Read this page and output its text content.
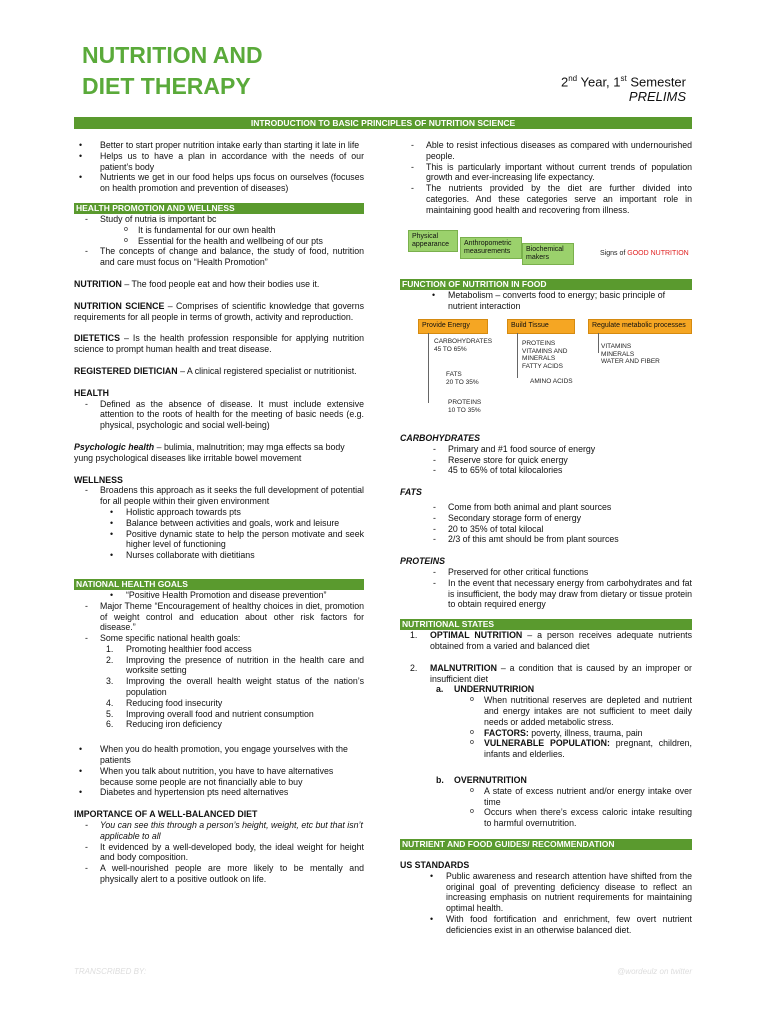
NUTRITION AND
DIET THERAPY	2nd Year, 1st Semester
PRELIMS
INTRODUCTION TO BASIC PRINCIPLES OF NUTRITION SCIENCE
• Better to start proper nutrition intake early than starting it late in life
• Helps us to have a plan in accordance with the needs of our patient’s body
• Nutrients we get in our food helps ups focus on ourselves (focuses on health promotion and prevention of diseases)
HEALTH PROMOTION AND WELLNESS
- Study of nutria is important bc
o It is fundamental for our own health
o Essential for the health and wellbeing of our pts
- The concepts of change and balance, the study of food, nutrition and care must focus on “Health Promotion”

NUTRITION – The food people eat and how their bodies use it.

NUTRITION SCIENCE – Comprises of scientific knowledge that governs requirements for all people in terms of growth, activity and reproduction.

DIETETICS – Is the health profession responsible for applying nutrition science to prompt human health and treat disease.

REGISTERED DIETICIAN – A clinical registered specialist or nutritionist.

HEALTH

- Defined as the absence of disease. It must include extensive attention to the roots of health for the meeting of basic needs (e.g. physical, psychologic and social well-being)

Psychologic health – bulimia, malnutrition; may mga effects sa body yung psychological diseases like irritable bowel movement

WELLNESS

- Broadens this approach as it seeks the full development of potential for all people within their given environment
• Holistic approach towards pts
• Balance between activities and goals, work and leisure
• Positive dynamic state to help the person motivate and seek higher level of functioning
• Nurses collaborate with dietitians
NATIONAL HEALTH GOALS
• “Positive Health Promotion and disease prevention”
- Major Theme “Encouragement of healthy choices in diet, promotion of weight control and education about other risk factors for disease.”
- Some specific national health goals:
1. Promoting healthier food access
2. Improving the presence of nutrition in the health care and worksite setting
3. Improving the overall health weight status of the nation’s population
4. Reducing food insecurity
5. Improving overall food and nutrient consumption
6. Reducing iron deficiency
• When you do health promotion, you engage yourselves with the patients
• When you talk about nutrition, you have to have alternatives because some people are not financially able to buy
• Diabetes and hypertension pts need alternatives

IMPORTANCE OF A WELL-BALANCED DIET

- You can see this through a person’s height, weight, etc but that isn’t applicable to all
- It evidenced by a well-developed body, the ideal weight for height and body composition.
- A well-nourished people are more likely to be mentally and physically alert to a positive outlook on life.
- Able to resist infectious diseases as compared with undernourished people.
- This is particularly important without current trends of population growth and ever-increasing life expectancy.
- The nutrients provided by the diet are further divided into categories. And these categories serve an important role in maintaining good health and recovering from illness.
Physical appearance	Anthropometric measurements	Biochemical makers
Signs of GOOD NUTRITION
FUNCTION OF NUTRITION IN FOOD
• Metabolism – converts food to energy; basic principle of nutrient interaction
Provide Energy	Build Tissue	Regulate metabolic processes
CARBOHYDRATES
45 TO 65%
FATS
20 TO 35%
PROTEINS
10 TO 35%
PROTEINS
VITAMINS AND
MINERALS
FATTY ACIDS
AMINO ACIDS
VITAMINS
MINERALS
WATER AND FIBER

CARBOHYDRATES

- Primary and #1 food source of energy
- Reserve store for quick energy
- 45 to 65% of total kilocalories

FATS

- Come from both animal and plant sources
- Secondary storage form of energy
- 20 to 35% of total kilocal
- 2/3 of this amt should be from plant sources

PROTEINS

- Preserved for other critical functions
- In the event that necessary energy from carbohydrates and fat is insufficient, the body may draw from dietary or tissue protein to obtain required energy
NUTRITIONAL STATES
1. OPTIMAL NUTRITION – a person receives adequate nutrients obtained from a varied and balanced diet
2. MALNUTRITION – a condition that is caused by an improper or insufficient diet
a. UNDERNUTRIRION
o When nutritional reserves are depleted and nutrient and energy intakes are not sufficient to meet daily needs or added metabolic stress.
o FACTORS: poverty, illness, trauma, pain
o VULNERABLE POPULATION: pregnant, children, infants and elderlies.
b. OVERNUTRITION
o A state of excess nutrient and/or energy intake over time
o Occurs when there’s excess caloric intake resulting to harmful overnutrition.
NUTRIENT AND FOOD GUIDES/ RECOMMENDATION

US STANDARDS

• Public awareness and research attention have shifted from the original goal of preventing deficiency disease to reflect an increasing emphasis on nutrient requirements for maintaining optimal health.
• With food fortification and enrichment, few overt nutrient deficiencies exist in an otherwise balanced diet.
TRANSCRIBED BY:	@wordeulz on twitter
